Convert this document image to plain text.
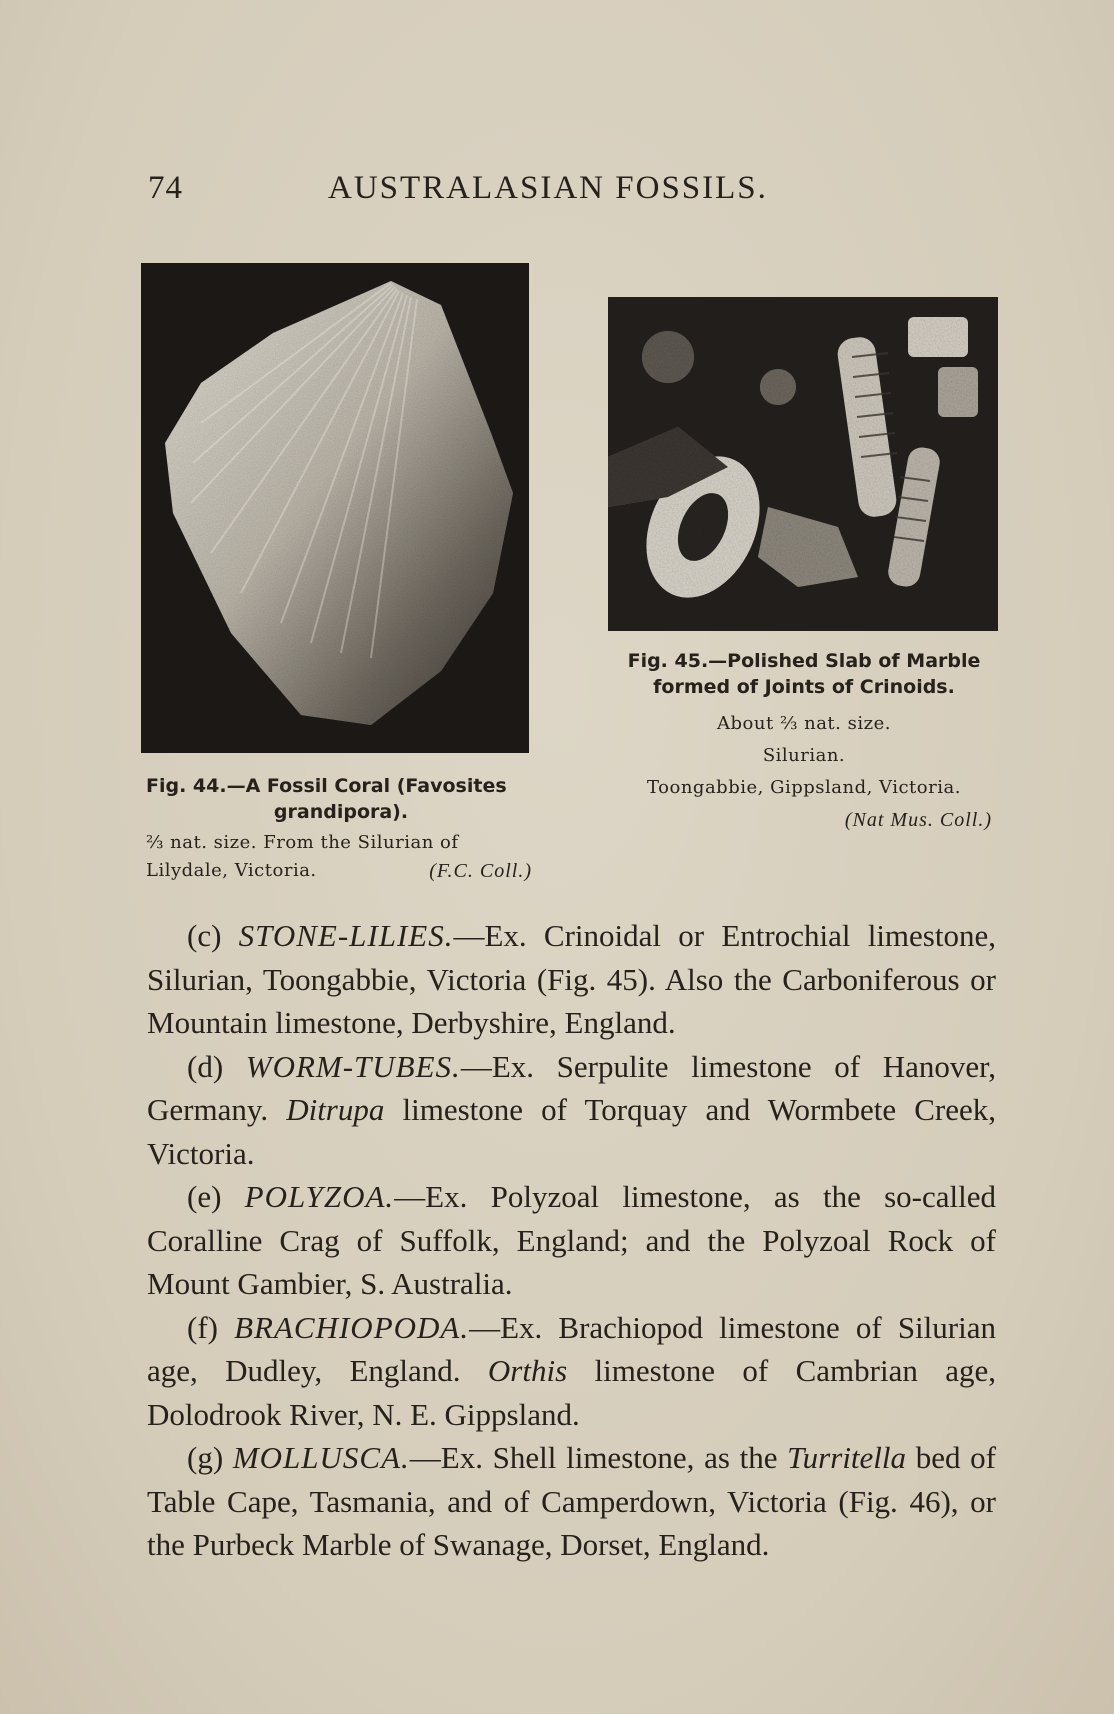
74	AUSTRALASIAN FOSSILS.
Fig. 45.—Polished Slab of Marble
formed of Joints of Crinoids.
About ⅔ nat. size.
Silurian.
Toongabbie, Gippsland, Victoria.
(Nat Mus. Coll.)
Fig. 44.—A Fossil Coral (Favosites
grandipora).
⅔ nat. size. From the Silurian of
Lilydale, Victoria.	(F.C. Coll.)

(c) STONE-LILIES.—Ex. Crinoidal or Entrochial limestone, Silurian, Toongabbie, Victoria (Fig. 45). Also the Carboniferous or Mountain limestone, Derbyshire, England.

(d) WORM-TUBES.—Ex. Serpulite limestone of Hanover, Germany. Ditrupa limestone of Torquay and Wormbete Creek, Victoria.

(e) POLYZOA.—Ex. Polyzoal limestone, as the so-called Coralline Crag of Suffolk, England; and the Polyzoal Rock of Mount Gambier, S. Australia.

(f) BRACHIOPODA.—Ex. Brachiopod limestone of Silurian age, Dudley, England. Orthis limestone of Cambrian age, Dolodrook River, N. E. Gippsland.

(g) MOLLUSCA.—Ex. Shell limestone, as the Turritella bed of Table Cape, Tasmania, and of Camperdown, Victoria (Fig. 46), or the Purbeck Marble of Swanage, Dorset, England.
